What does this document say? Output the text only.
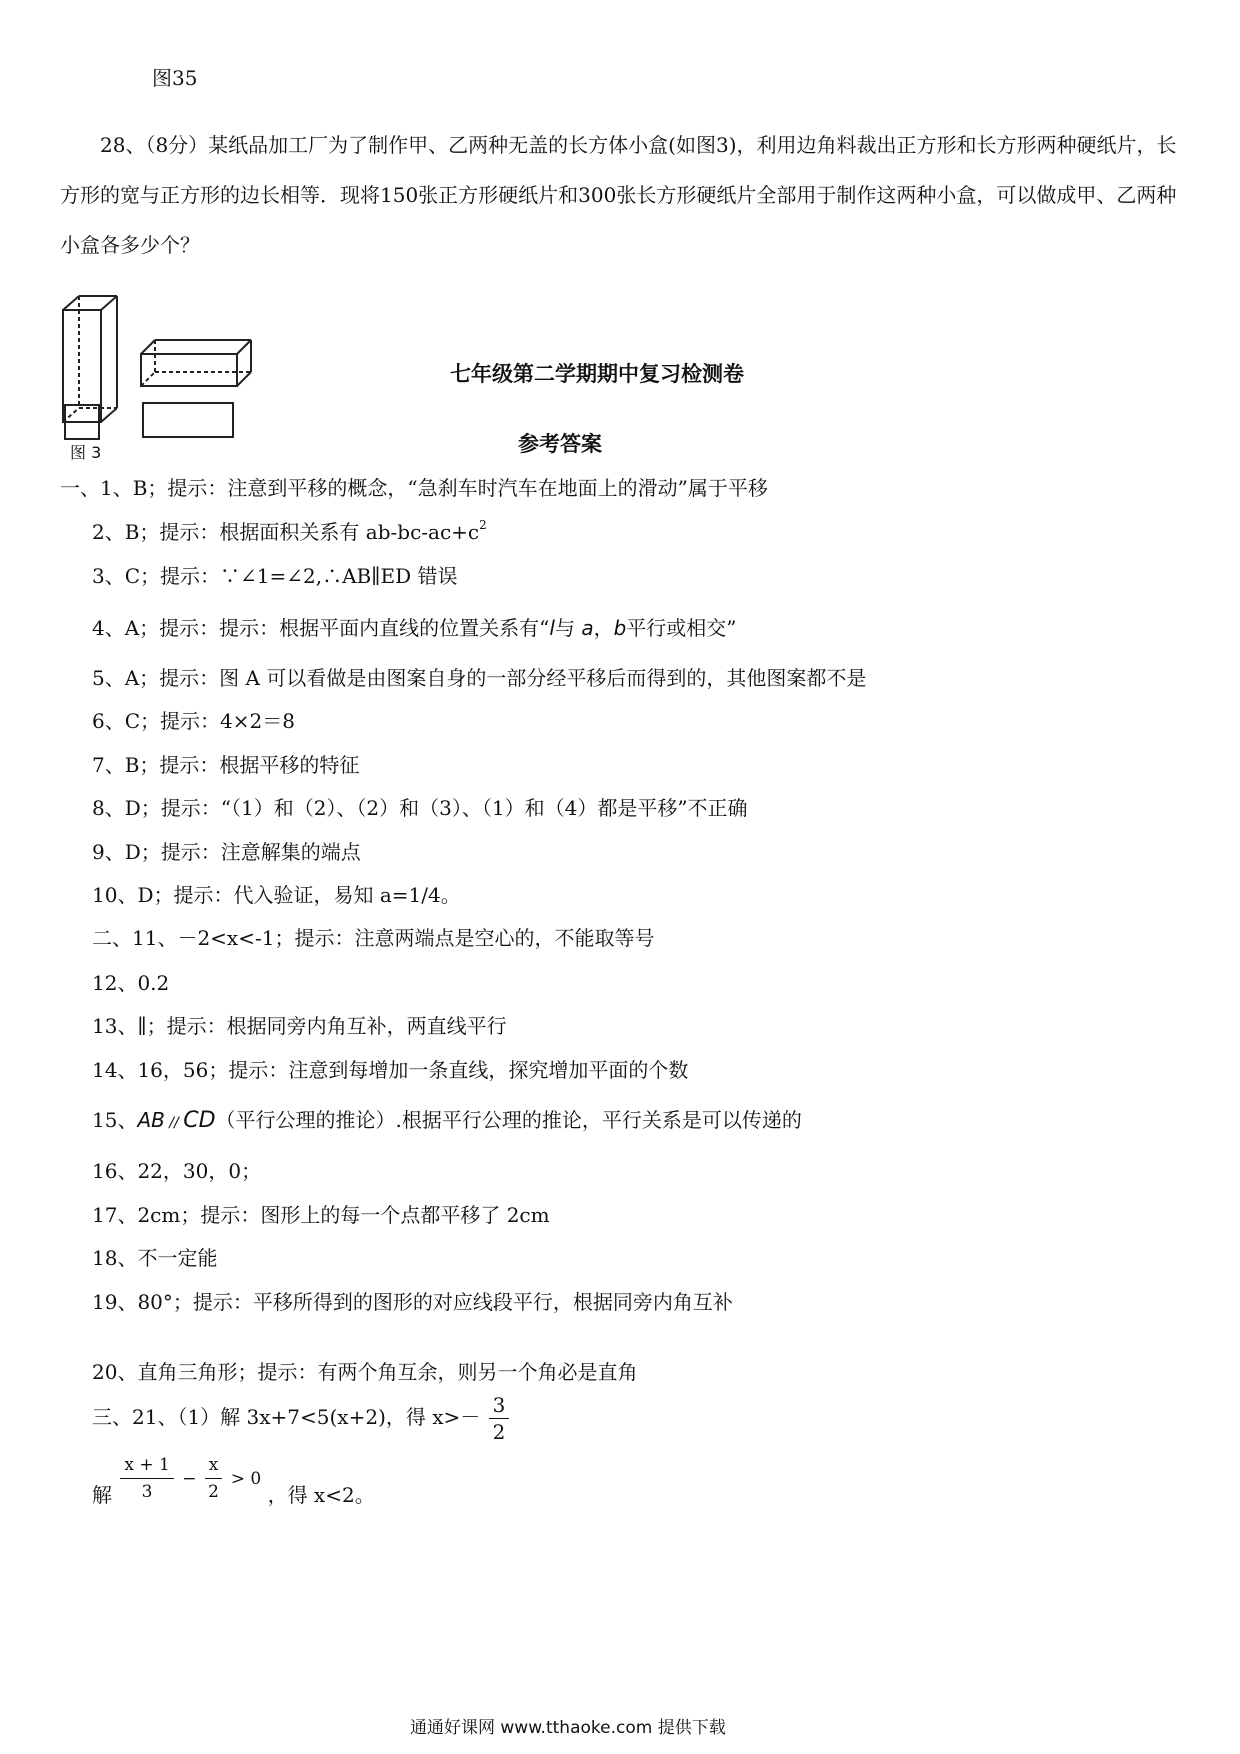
图35
28、（8分）某纸品加工厂为了制作甲、乙两种无盖的长方体小盒(如图3)，利用边角料裁出正方形和长方形两种硬纸片，长方形的宽与正方形的边长相等．现将150张正方形硬纸片和300张长方形硬纸片全部用于制作这两种小盒，可以做成甲、乙两种小盒各多少个？
图 3
七年级第二学期期中复习检测卷
参考答案
一、1、B；提示：注意到平移的概念，“急刹车时汽车在地面上的滑动”属于平移
2、B；提示：根据面积关系有 $ab-bc-ac+c^2$
3、C；提示：∵∠1=∠2,∴AB∥ED 错误
4、A；提示：提示：根据平面内直线的位置关系有“l与 a，b平行或相交”
5、A；提示：图 A 可以看做是由图案自身的一部分经平移后而得到的，其他图案都不是
6、C；提示：4×2＝8
7、B；提示：根据平移的特征
8、D；提示：“（1）和（2）、（2）和（3）、（1）和（4）都是平移”不正确
9、D；提示：注意解集的端点
10、D；提示：代入验证，易知 a=1/4。
二、11、－2<x<-1；提示：注意两端点是空心的，不能取等号
12、0.2
13、∥；提示：根据同旁内角互补，两直线平行
14、16，56；提示：注意到每增加一条直线，探究增加平面的个数
15、AB // CD（平行公理的推论）.根据平行公理的推论，平行关系是可以传递的
16、22，30，0；
17、2cm；提示：图形上的每一个点都平移了 2cm
18、不一定能
19、80°；提示：平移所得到的图形的对应线段平行，根据同旁内角互补
20、直角三角形；提示：有两个角互余，则另一个角必是直角
三、21、（1）解 3x+7<5(x+2)，得 $x>- \frac{3}{2}$
解 $\frac{x + 1}{3} - \frac{x}{2} > 0$ ，得 x<2。
通通好课网 www.tthaoke.com 提供下载
